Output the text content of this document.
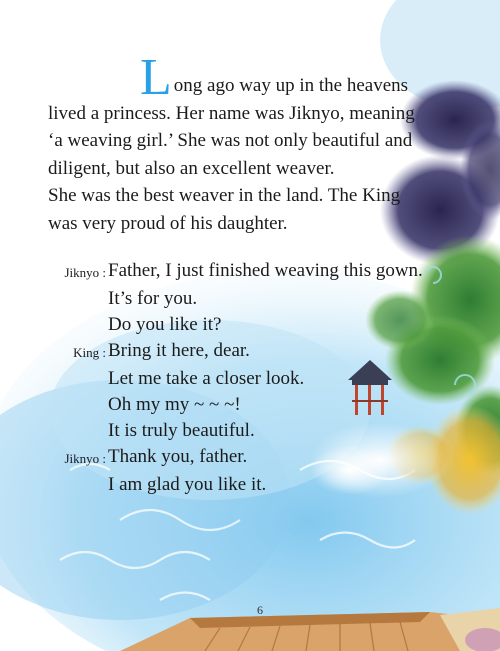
Long ago way up in the heavens
lived a princess. Her name was Jiknyo, meaning
‘a weaving girl.’ She was not only beautiful and
diligent, but also an excellent weaver.
She was the best weaver in the land. The King
was very proud of his daughter.
Jiknyo : Father, I just finished weaving this gown.
It’s for you.
Do you like it?
King : Bring it here, dear.
Let me take a closer look.
Oh my my ~ ~ ~!
It is truly beautiful.
Jiknyo : Thank you, father.
I am glad you like it.
6
